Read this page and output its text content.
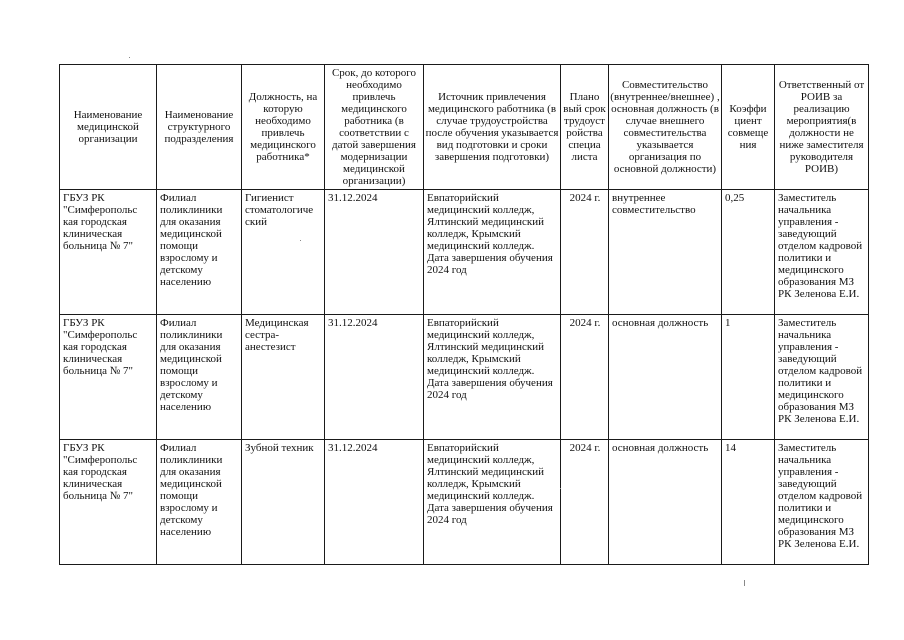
Наименование медицинской организации	Наименование структурного подразделения	Должность, на которую необходимо привлечь медицинского работника*	Срок, до которого необходимо привлечь медицинского работника (в соответствии с датой завершения модернизации медицинской организации)	Источник привлечения медицинского работника (в случае трудоустройства после обучения указывается вид подготовки и сроки завершения подготовки)	Плано вый срок трудоуст ройства специа листа	Совместительство (внутреннее/внешнее) , основная должность (в случае внешнего совместительства указывается организация по основной должности)	Коэффи циент совмеще ния	Ответственный от РОИВ за реализацию мероприятия(в должности не ниже заместителя руководителя РОИВ)
ГБУЗ РК "Симферопольс кая городская клиническая больница № 7"	Филиал поликлиники для оказания медицинской помощи взрослому и детскому населению	Гигиенист стоматологиче ский	31.12.2024	Евпаторийский медицинский колледж, Ялтинский медицинский колледж, Крымский медицинский колледж. Дата завершения обучения 2024 год	2024 г.	внутреннее совместительство	0,25	Заместитель начальника управления - заведующий отделом кадровой политики и медицинского образования МЗ РК Зеленова Е.И.
ГБУЗ РК "Симферопольс кая городская клиническая больница № 7"	Филиал поликлиники для оказания медицинской помощи взрослому и детскому населению	Медицинская сестра-анестезист	31.12.2024	Евпаторийский медицинский колледж, Ялтинский медицинский колледж, Крымский медицинский колледж. Дата завершения обучения 2024 год	2024 г.	основная должность	1	Заместитель начальника управления - заведующий отделом кадровой политики и медицинского образования МЗ РК Зеленова Е.И.
ГБУЗ РК "Симферопольс кая городская клиническая больница № 7"	Филиал поликлиники для оказания медицинской помощи взрослому и детскому населению	Зубной техник	31.12.2024	Евпаторийский медицинский колледж, Ялтинский медицинский колледж, Крымский медицинский колледж. Дата завершения обучения 2024 год	2024 г.	основная должность	14	Заместитель начальника управления - заведующий отделом кадровой политики и медицинского образования МЗ РК Зеленова Е.И.
